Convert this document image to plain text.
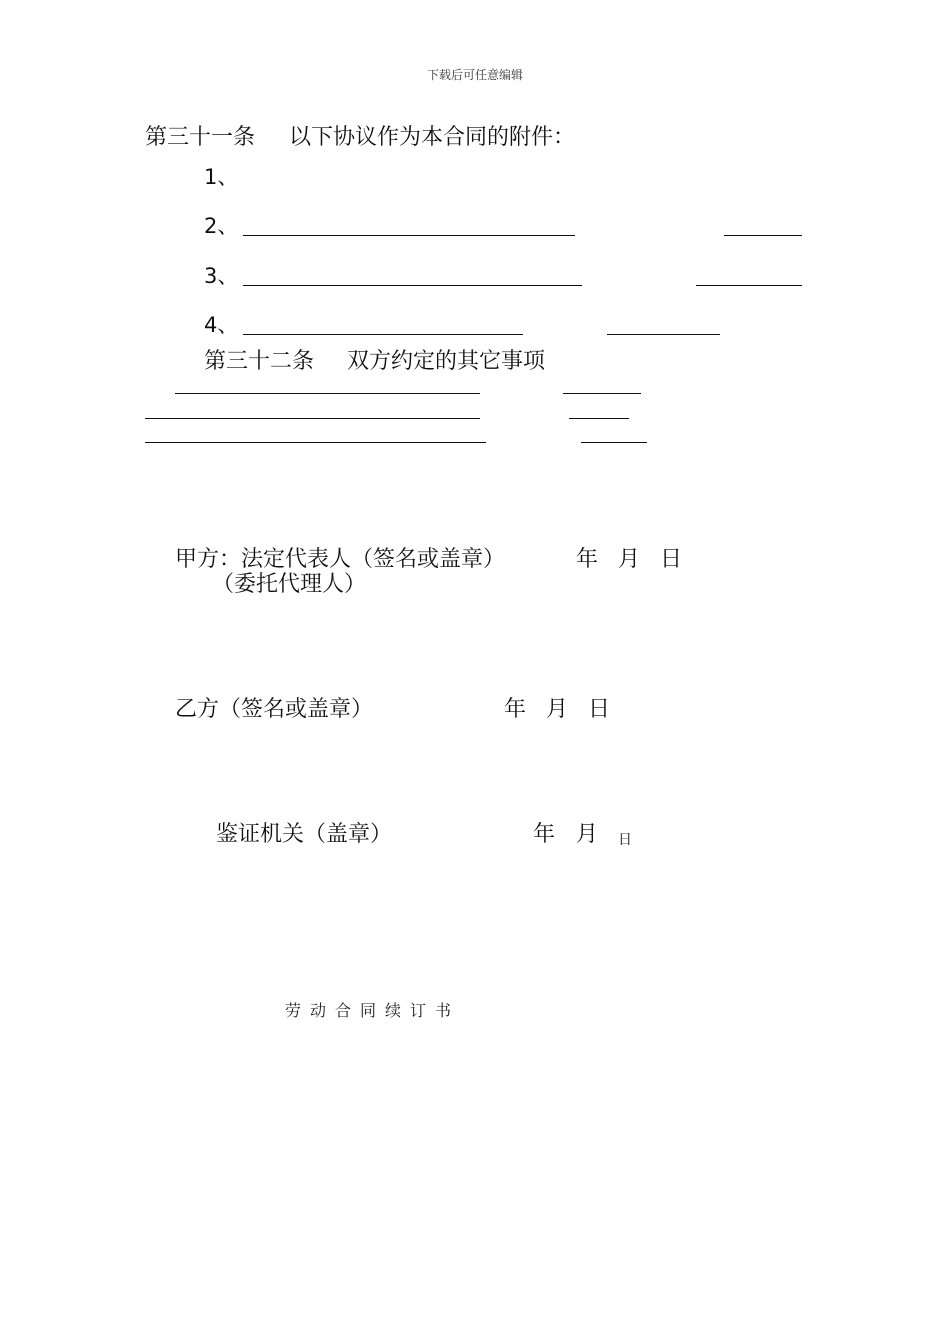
下载后可任意编辑
第三十一条 以下协议作为本合同的附件：
1、
2、
3、
4、
第三十二条 双方约定的其它事项
甲方：法定代表人（签名或盖章）	年 月 日
（委托代理人）
乙方（签名或盖章）	年 月 日
鉴证机关（盖章）	年 月 日
劳动合同续订书
